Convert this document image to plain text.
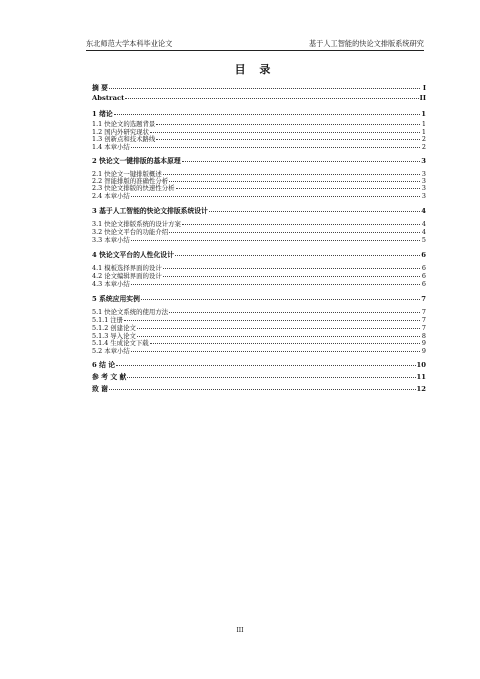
东北师范大学本科毕业论文	基于人工智能的快论文排版系统研究
目 录
摘 要	I
Abstract	II
1 绪论	1
1.1 快论文的选题背景	1
1.2 国内外研究现状	1
1.3 创新点和技术路线	2
1.4 本章小结	2
2 快论文一键排版的基本原理	3
2.1 快论文一键排版概述	3
2.2 智能排版的准确性分析	3
2.3 快论文排版的快速性分析	3
2.4 本章小结	3
3 基于人工智能的快论文排版系统设计	4
3.1 快论文排版系统的设计方案	4
3.2 快论文平台的功能介绍	4
3.3 本章小结	5
4 快论文平台的人性化设计	6
4.1 模板选择界面的设计	6
4.2 论文编辑界面的设计	6
4.3 本章小结	6
5 系统应用实例	7
5.1 快论文系统的使用方法	7
5.1.1 注册	7
5.1.2 创建论文	7
5.1.3 导入论文	8
5.1.4 生成论文下载	9
5.2 本章小结	9
6 结 论	10
参 考 文 献	11
致 谢	12
III
